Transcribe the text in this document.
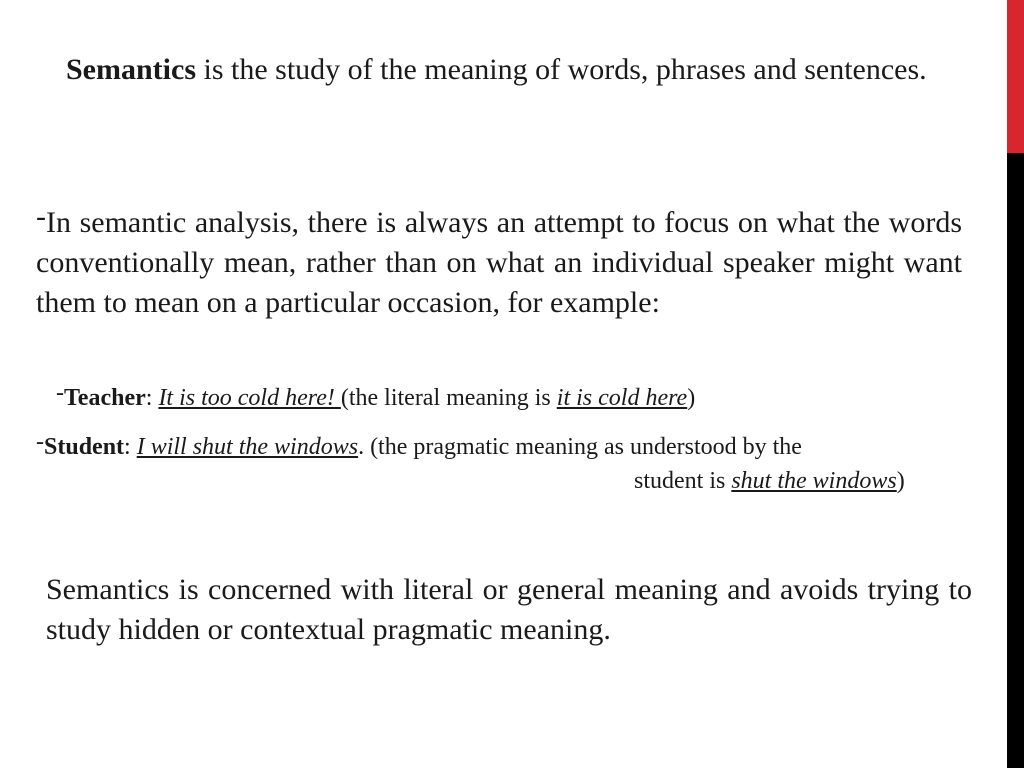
Semantics is the study of the meaning of words, phrases and sentences.

-In semantic analysis, there is always an attempt to focus on what the words conventionally mean, rather than on what an individual speaker might want them to mean on a particular occasion, for example:

-Teacher: It is too cold here! (the literal meaning is it is cold here)

-Student: I will shut the windows. (the pragmatic meaning as understood by the

student is shut the windows)

Semantics is concerned with literal or general meaning and avoids trying to study hidden or contextual pragmatic meaning.
